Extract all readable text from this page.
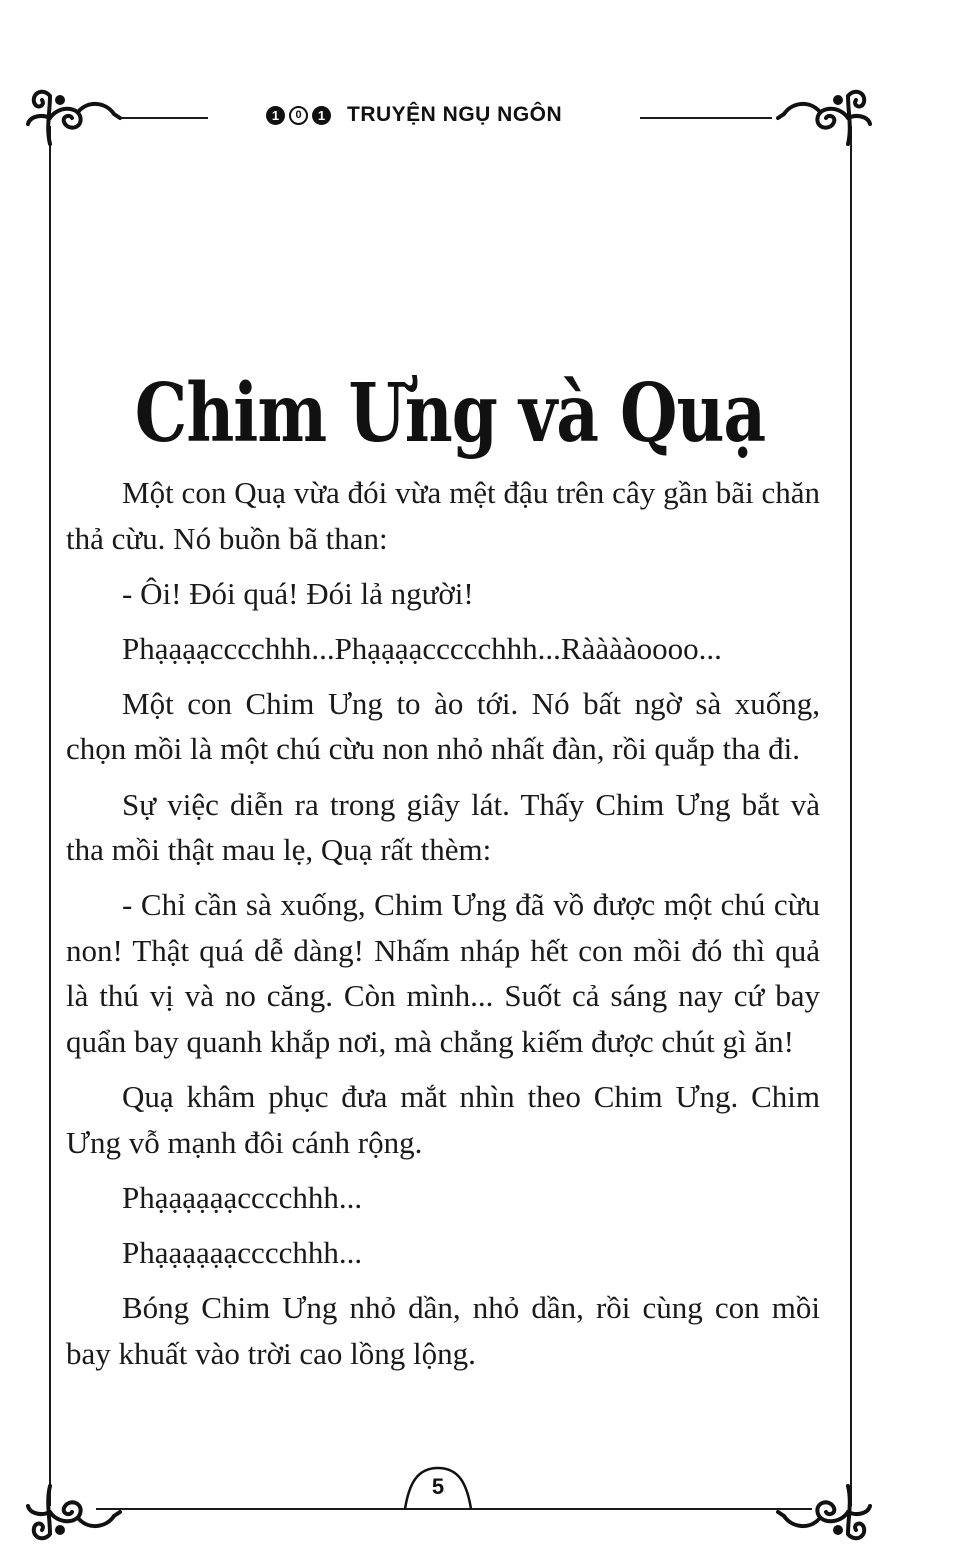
1	0	1 TRUYỆN NGỤ NGÔN
Chim Ưng và Quạ

Một con Quạ vừa đói vừa mệt đậu trên cây gần bãi chăn thả cừu. Nó buồn bã than:

- Ôi! Đói quá! Đói lả người!

Phạạạạcccchhh...Phạạạạccccchhh...Rààààoooo...

Một con Chim Ưng to ào tới. Nó bất ngờ sà xuống, chọn mồi là một chú cừu non nhỏ nhất đàn, rồi quắp tha đi.

Sự việc diễn ra trong giây lát. Thấy Chim Ưng bắt và tha mồi thật mau lẹ, Quạ rất thèm:

- Chỉ cần sà xuống, Chim Ưng đã vồ được một chú cừu non! Thật quá dễ dàng! Nhấm nháp hết con mồi đó thì quả là thú vị và no căng. Còn mình... Suốt cả sáng nay cứ bay quẩn bay quanh khắp nơi, mà chẳng kiếm được chút gì ăn!

Quạ khâm phục đưa mắt nhìn theo Chim Ưng. Chim Ưng vỗ mạnh đôi cánh rộng.

Phạạạạạạcccchhh...

Phạạạạạạcccchhh...

Bóng Chim Ưng nhỏ dần, nhỏ dần, rồi cùng con mồi bay khuất vào trời cao lồng lộng.

5
